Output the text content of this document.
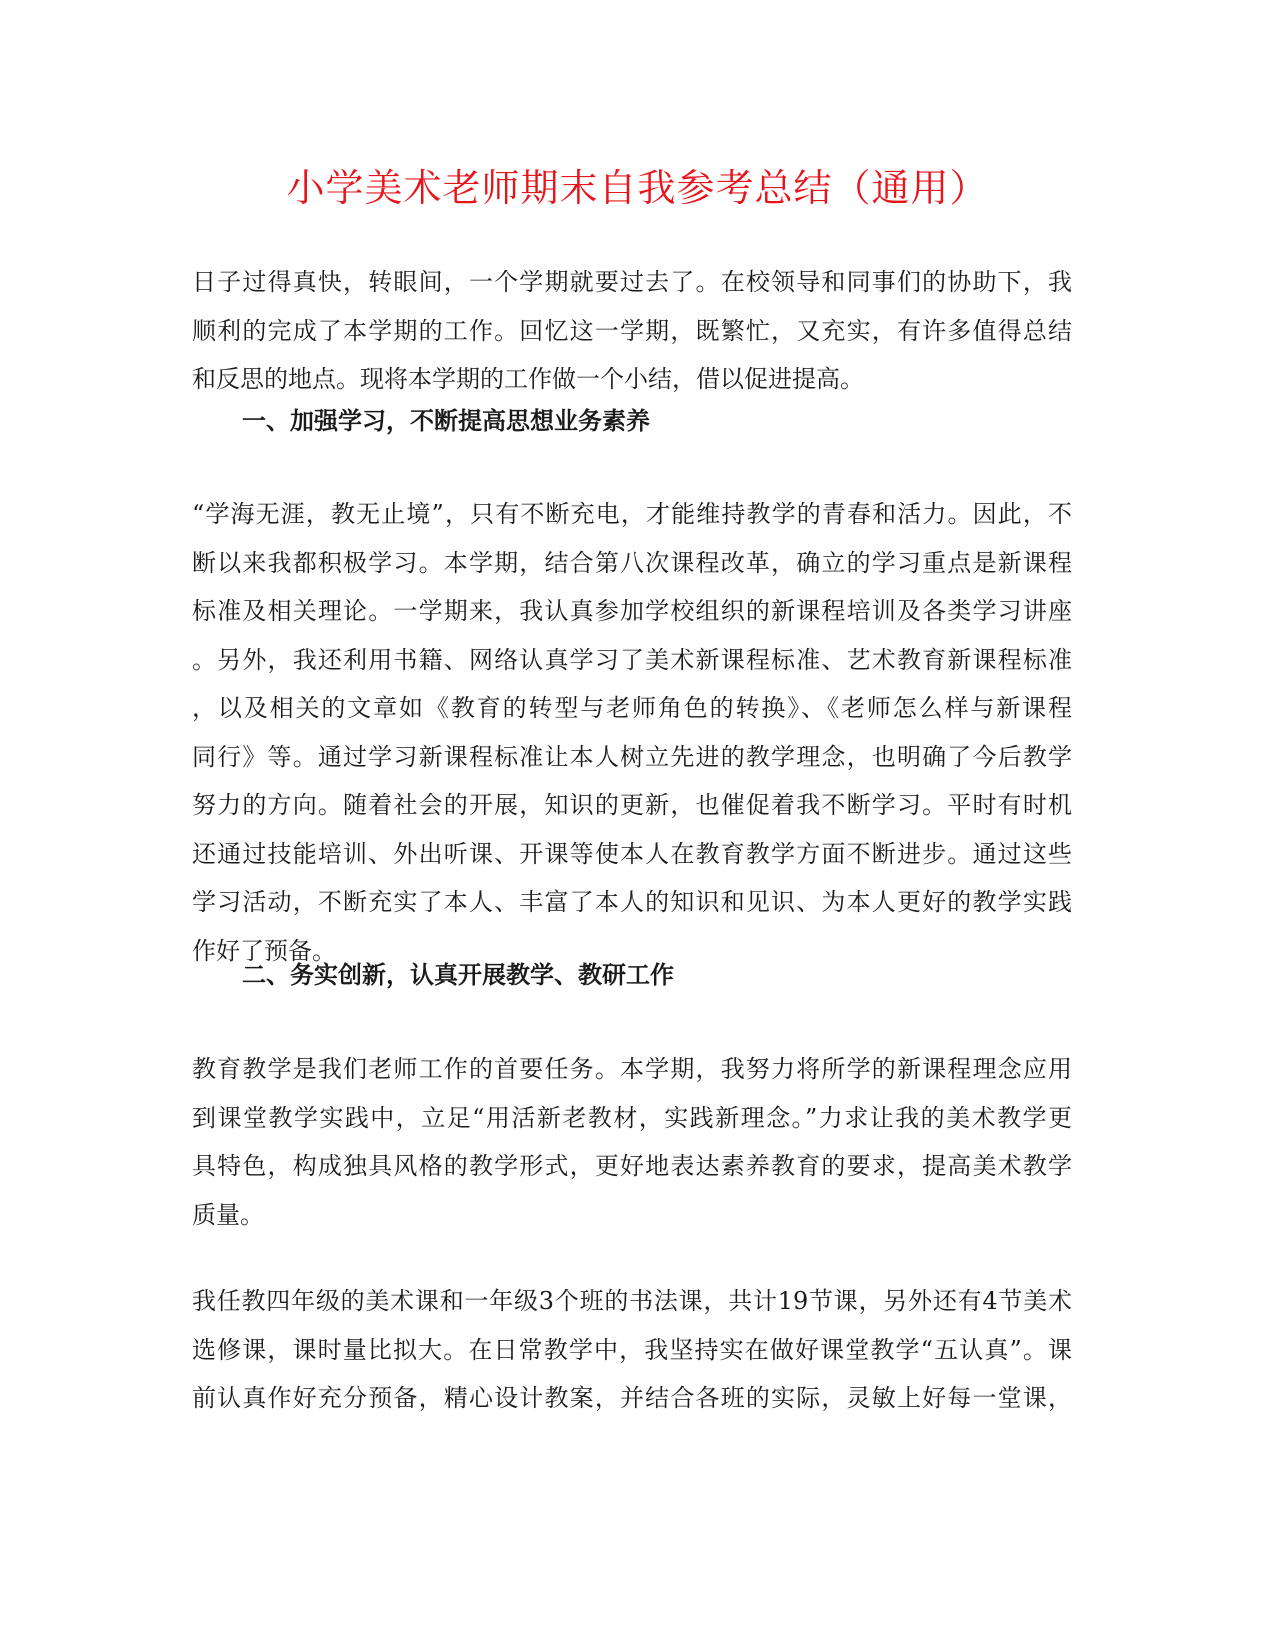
小学美术老师期末自我参考总结（通用）
日子过得真快，转眼间，一个学期就要过去了。在校领导和同事们的协助下，我
顺利的完成了本学期的工作。回忆这一学期，既繁忙，又充实，有许多值得总结
和反思的地点。现将本学期的工作做一个小结，借以促进提高。
一、加强学习，不断提高思想业务素养
“学海无涯，教无止境”，只有不断充电，才能维持教学的青春和活力。因此，不
断以来我都积极学习。本学期，结合第八次课程改革，确立的学习重点是新课程
标准及相关理论。一学期来，我认真参加学校组织的新课程培训及各类学习讲座
。另外，我还利用书籍、网络认真学习了美术新课程标准、艺术教育新课程标准
，以及相关的文章如《教育的转型与老师角色的转换》、《老师怎么样与新课程
同行》等。通过学习新课程标准让本人树立先进的教学理念，也明确了今后教学
努力的方向。随着社会的开展，知识的更新，也催促着我不断学习。平时有时机
还通过技能培训、外出听课、开课等使本人在教育教学方面不断进步。通过这些
学习活动，不断充实了本人、丰富了本人的知识和见识、为本人更好的教学实践
作好了预备。
二、务实创新，认真开展教学、教研工作
教育教学是我们老师工作的首要任务。本学期，我努力将所学的新课程理念应用
到课堂教学实践中，立足“用活新老教材，实践新理念。”力求让我的美术教学更
具特色，构成独具风格的教学形式，更好地表达素养教育的要求，提高美术教学
质量。
我任教四年级的美术课和一年级3个班的书法课，共计19节课，另外还有4节美术
选修课，课时量比拟大。在日常教学中，我坚持实在做好课堂教学“五认真”。课
前认真作好充分预备，精心设计教案，并结合各班的实际，灵敏上好每一堂课，
